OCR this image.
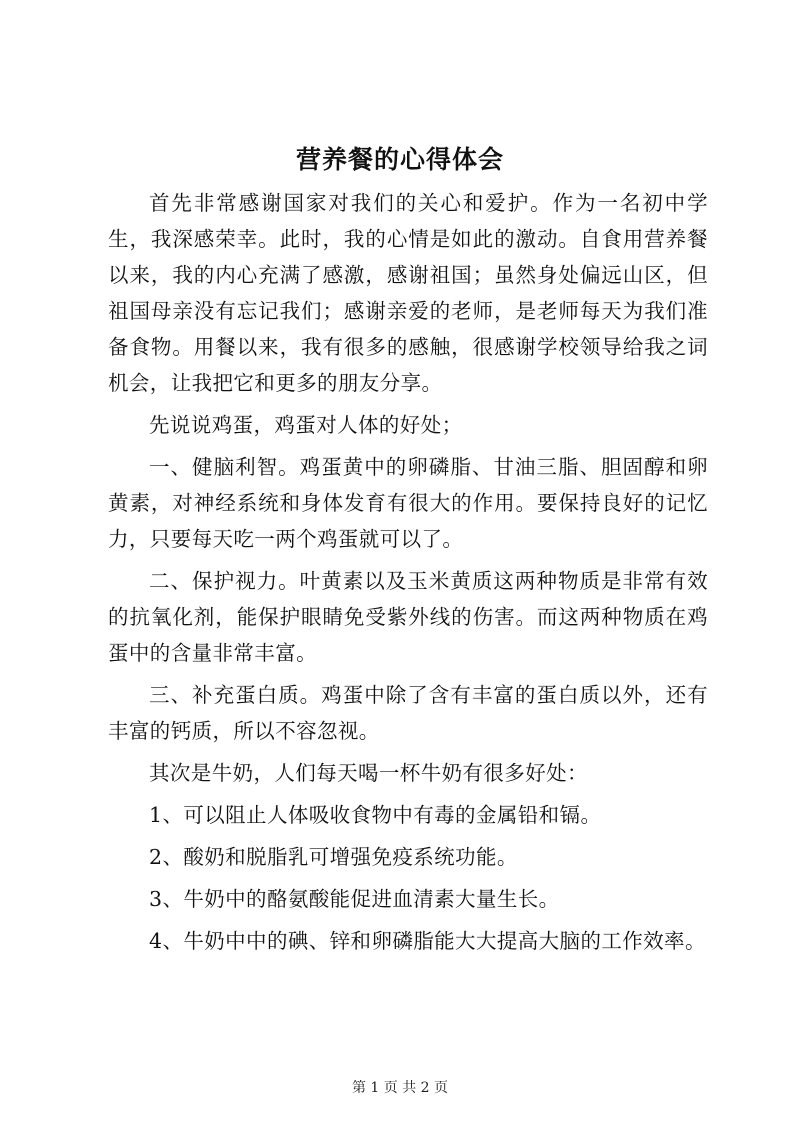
营养餐的心得体会

首先非常感谢国家对我们的关心和爱护。作为一名初中学生，我深感荣幸。此时，我的心情是如此的激动。自食用营养餐以来，我的内心充满了感激，感谢祖国；虽然身处偏远山区，但祖国母亲没有忘记我们；感谢亲爱的老师，是老师每天为我们准备食物。用餐以来，我有很多的感触，很感谢学校领导给我之词机会，让我把它和更多的朋友分享。

先说说鸡蛋，鸡蛋对人体的好处；

一、健脑利智。鸡蛋黄中的卵磷脂、甘油三脂、胆固醇和卵黄素，对神经系统和身体发育有很大的作用。要保持良好的记忆力，只要每天吃一两个鸡蛋就可以了。

二、保护视力。叶黄素以及玉米黄质这两种物质是非常有效的抗氧化剂，能保护眼睛免受紫外线的伤害。而这两种物质在鸡蛋中的含量非常丰富。

三、补充蛋白质。鸡蛋中除了含有丰富的蛋白质以外，还有丰富的钙质，所以不容忽视。

其次是牛奶，人们每天喝一杯牛奶有很多好处：

1、可以阻止人体吸收食物中有毒的金属铅和镉。

2、酸奶和脱脂乳可增强免疫系统功能。

3、牛奶中的酪氨酸能促进血清素大量生长。

4、牛奶中中的碘、锌和卵磷脂能大大提高大脑的工作效率。

第 1 页 共 2 页
